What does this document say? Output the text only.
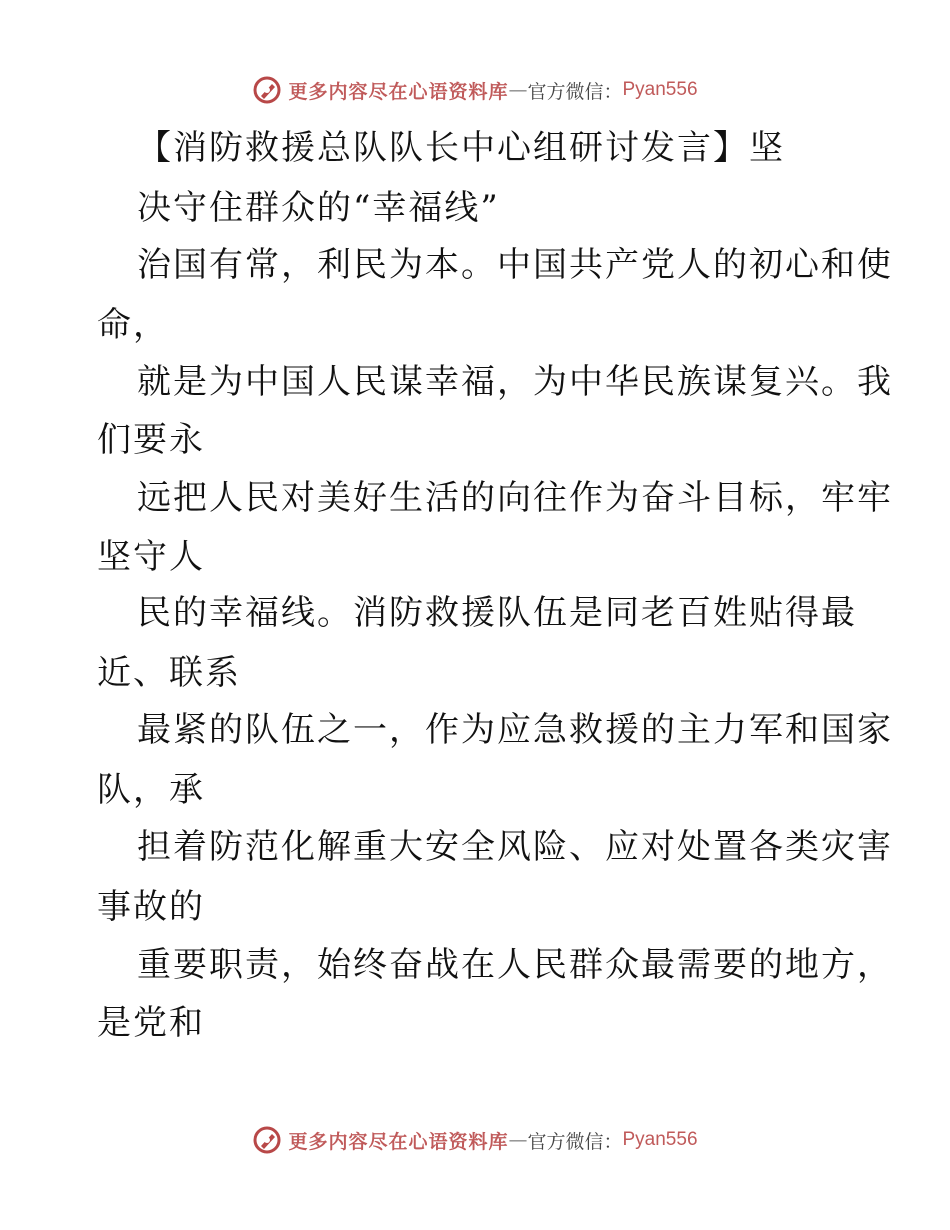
更多内容尽在心语资料库 — 官方微信： Pyan556
【消防救援总队队长中心组研讨发言】坚
决守住群众的“幸福线”
治国有常，利民为本。中国共产党人的初心和使
命，
就是为中国人民谋幸福，为中华民族谋复兴。我
们要永
远把人民对美好生活的向往作为奋斗目标，牢牢
坚守人
民的幸福线。消防救援队伍是同老百姓贴得最
近、联系
最紧的队伍之一，作为应急救援的主力军和国家
队，承
担着防范化解重大安全风险、应对处置各类灾害
事故的
重要职责，始终奋战在人民群众最需要的地方，
是党和
更多内容尽在心语资料库 — 官方微信： Pyan556
